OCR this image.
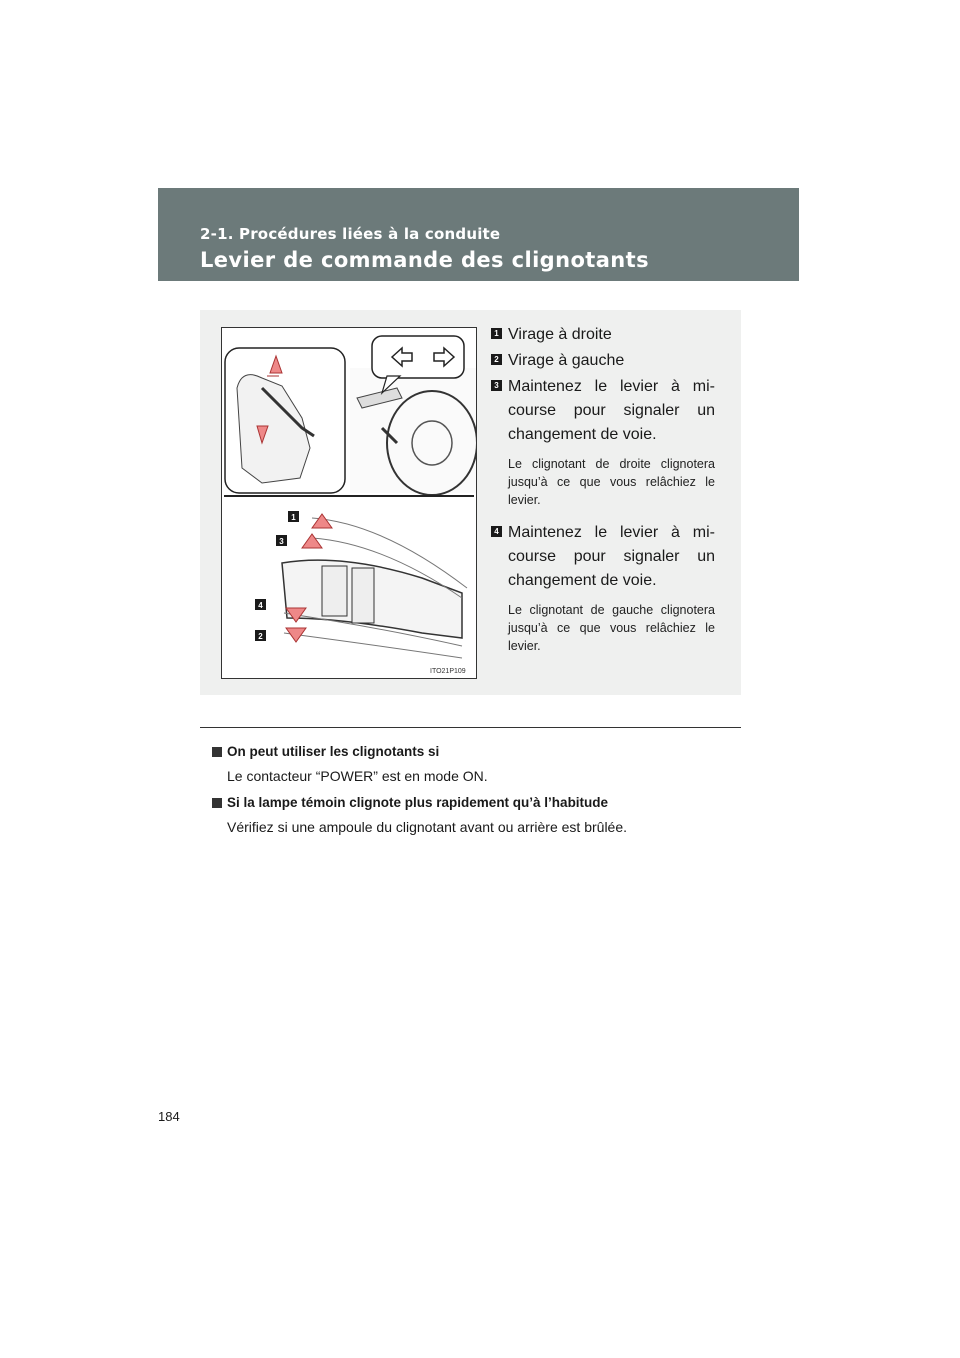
2-1. Procédures liées à la conduite
Levier de commande des clignotants
1
3
4
2
ITO21P109
1 Virage à droite
2 Virage à gauche
3 Maintenez le levier à mi-course pour signaler un changement de voie.
Le clignotant de droite clignotera jusqu’à ce que vous relâchiez le levier.
4 Maintenez le levier à mi-course pour signaler un changement de voie.
Le clignotant de gauche clignotera jusqu’à ce que vous relâchiez le levier.
On peut utiliser les clignotants si
Le contacteur “POWER” est en mode ON.
Si la lampe témoin clignote plus rapidement qu’à l’habitude
Vérifiez si une ampoule du clignotant avant ou arrière est brûlée.
184
